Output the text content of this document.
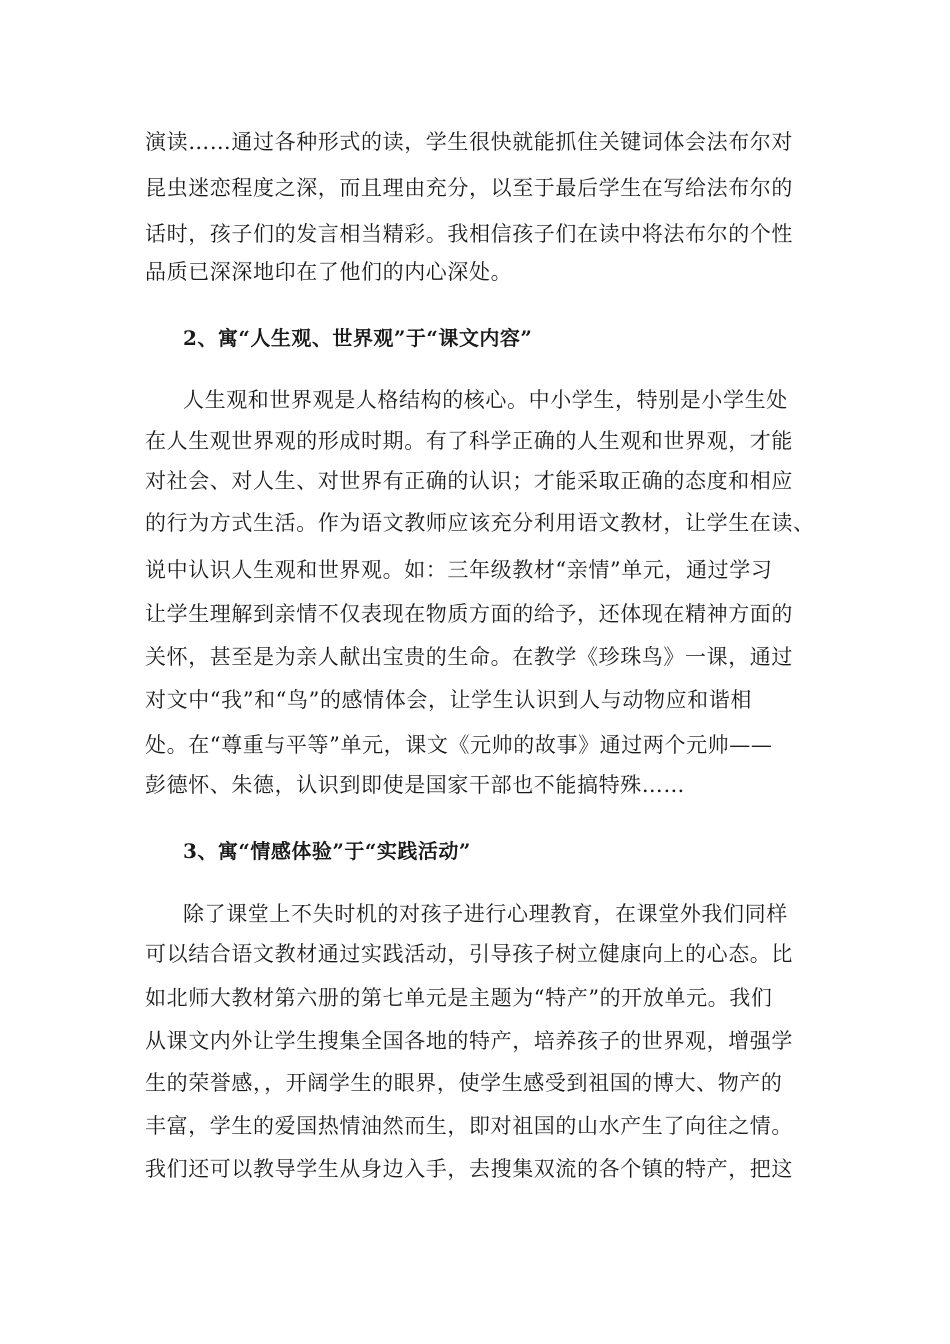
演读……通过各种形式的读，学生很快就能抓住关键词体会法布尔对
昆虫迷恋程度之深，而且理由充分，以至于最后学生在写给法布尔的
话时，孩子们的发言相当精彩。我相信孩子们在读中将法布尔的个性
品质已深深地印在了他们的内心深处。
2、寓“人生观、世界观”于“课文内容”
人生观和世界观是人格结构的核心。中小学生，特别是小学生处
在人生观世界观的形成时期。有了科学正确的人生观和世界观，才能
对社会、对人生、对世界有正确的认识；才能采取正确的态度和相应
的行为方式生活。作为语文教师应该充分利用语文教材，让学生在读、
说中认识人生观和世界观。如：三年级教材“亲情”单元，通过学习
让学生理解到亲情不仅表现在物质方面的给予，还体现在精神方面的
关怀，甚至是为亲人献出宝贵的生命。在教学《珍珠鸟》一课，通过
对文中“我”和“鸟”的感情体会，让学生认识到人与动物应和谐相
处。在“尊重与平等”单元，课文《元帅的故事》通过两个元帅——
彭德怀、朱德，认识到即使是国家干部也不能搞特殊……
3、寓“情感体验”于“实践活动”
除了课堂上不失时机的对孩子进行心理教育，在课堂外我们同样
可以结合语文教材通过实践活动，引导孩子树立健康向上的心态。比
如北师大教材第六册的第七单元是主题为“特产”的开放单元。我们
从课文内外让学生搜集全国各地的特产，培养孩子的世界观，增强学
生的荣誉感，，开阔学生的眼界，使学生感受到祖国的博大、物产的
丰富，学生的爱国热情油然而生，即对祖国的山水产生了向往之情。
我们还可以教导学生从身边入手，去搜集双流的各个镇的特产，把这
